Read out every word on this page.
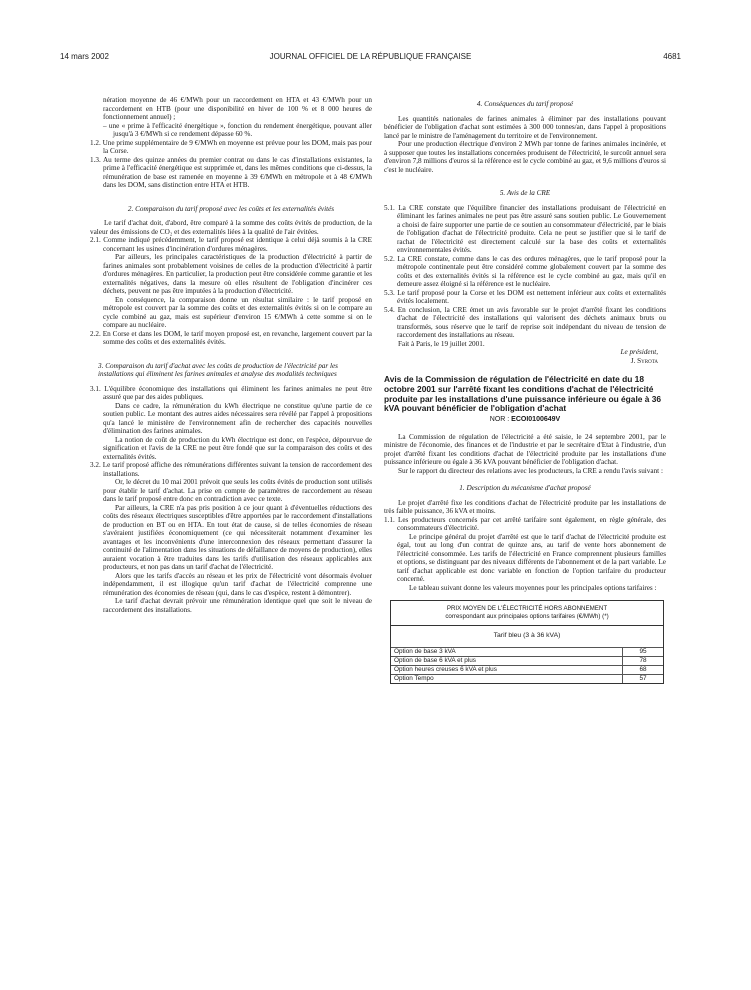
14 mars 2002	JOURNAL OFFICIEL DE LA RÉPUBLIQUE FRANÇAISE	4681

nération moyenne de 46 €/MWh pour un raccordement en HTA et 43 €/MWh pour un raccordement en HTB (pour une disponibilité en hiver de 100 % et 8 000 heures de fonctionnement annuel) ;

– une « prime à l'efficacité énergétique », fonction du rendement énergétique, pouvant aller jusqu'à 3 €/MWh si ce rendement dépasse 60 %.

1.2. Une prime supplémentaire de 9 €/MWh en moyenne est prévue pour les DOM, mais pas pour la Corse.

1.3. Au terme des quinze années du premier contrat ou dans le cas d'installations existantes, la prime à l'efficacité énergétique est supprimée et, dans les mêmes conditions que ci-dessus, la rémunération de base est ramenée en moyenne à 39 €/MWh en métropole et à 48 €/MWh dans les DOM, sans distinction entre HTA et HTB.

2. Comparaison du tarif proposé avec les coûts et les externalités évités

Le tarif d'achat doit, d'abord, être comparé à la somme des coûts évités de production, de la valeur des émissions de CO₂ et des externalités liées à la qualité de l'air évitées.

2.1. Comme indiqué précédemment, le tarif proposé est identique à celui déjà soumis à la CRE concernant les usines d'incinération d'ordures ménagères.

Par ailleurs, les principales caractéristiques de la production d'électricité à partir de farines animales sont probablement voisines de celles de la production d'électricité à partir d'ordures ménagères. En particulier, la production peut être considérée comme garantie et les externalités négatives, dans la mesure où elles résultent de l'obligation d'incinérer ces déchets, peuvent ne pas être imputées à la production d'électricité.

En conséquence, la comparaison donne un résultat similaire : le tarif proposé en métropole est couvert par la somme des coûts et des externalités évités si on le compare au cycle combiné au gaz, mais est supérieur d'environ 15 €/MWh à cette somme si on le compare au nucléaire.

2.2. En Corse et dans les DOM, le tarif moyen proposé est, en revanche, largement couvert par la somme des coûts et des externalités évités.

3. Comparaison du tarif d'achat avec les coûts de production de l'électricité par les installations qui éliminent les farines animales et analyse des modalités techniques

3.1. L'équilibre économique des installations qui éliminent les farines animales ne peut être assuré que par des aides publiques.

Dans ce cadre, la rémunération du kWh électrique ne constitue qu'une partie de ce soutien public. Le montant des autres aides nécessaires sera révélé par l'appel à propositions qu'a lancé le ministère de l'environnement afin de rechercher des capacités nouvelles d'élimination des farines animales.

La notion de coût de production du kWh électrique est donc, en l'espèce, dépourvue de signification et l'avis de la CRE ne peut être fondé que sur la comparaison des coûts et des externalités évités.

3.2. Le tarif proposé affiche des rémunérations différentes suivant la tension de raccordement des installations.

Or, le décret du 10 mai 2001 prévoit que seuls les coûts évités de production sont utilisés pour établir le tarif d'achat. La prise en compte de paramètres de raccordement au réseau dans le tarif proposé entre donc en contradiction avec ce texte.

Par ailleurs, la CRE n'a pas pris position à ce jour quant à d'éventuelles réductions des coûts des réseaux électriques susceptibles d'être apportées par le raccordement d'installations de production en BT ou en HTA. En tout état de cause, si de telles économies de réseau s'avéraient justifiées économiquement (ce qui nécessiterait notamment d'examiner les avantages et les inconvénients d'une interconnexion des réseaux permettant d'assurer la continuité de l'alimentation dans les situations de défaillance de moyens de production), elles auraient vocation à être traduites dans les tarifs d'utilisation des réseaux applicables aux producteurs, et non pas dans un tarif d'achat de l'électricité.

Alors que les tarifs d'accès au réseau et les prix de l'électricité vont désormais évoluer indépendamment, il est illogique qu'un tarif d'achat de l'électricité comprenne une rémunération des économies de réseau (qui, dans le cas d'espèce, restent à démontrer).

Le tarif d'achat devrait prévoir une rémunération identique quel que soit le niveau de raccordement des installations.

4. Conséquences du tarif proposé

Les quantités nationales de farines animales à éliminer par des installations pouvant bénéficier de l'obligation d'achat sont estimées à 300 000 tonnes/an, dans l'appel à propositions lancé par le ministre de l'aménagement du territoire et de l'environnement.

Pour une production électrique d'environ 2 MWh par tonne de farines animales incinérée, et à supposer que toutes les installations concernées produisent de l'électricité, le surcoût annuel sera d'environ 7,8 millions d'euros si la référence est le cycle combiné au gaz, et 9,6 millions d'euros si c'est le nucléaire.

5. Avis de la CRE

5.1. La CRE constate que l'équilibre financier des installations produisant de l'électricité en éliminant les farines animales ne peut pas être assuré sans soutien public. Le Gouvernement a choisi de faire supporter une partie de ce soutien au consommateur d'électricité, par le biais de l'obligation d'achat de l'électricité produite. Cela ne peut se justifier que si le tarif de rachat de l'électricité est directement calculé sur la base des coûts et externalités environnementales évités.

5.2. La CRE constate, comme dans le cas des ordures ménagères, que le tarif proposé pour la métropole continentale peut être considéré comme globalement couvert par la somme des coûts et des externalités évités si la référence est le cycle combiné au gaz, mais qu'il en demeure assez éloigné si la référence est le nucléaire.

5.3. Le tarif proposé pour la Corse et les DOM est nettement inférieur aux coûts et externalités évités localement.

5.4. En conclusion, la CRE émet un avis favorable sur le projet d'arrêté fixant les conditions d'achat de l'électricité des installations qui valorisent des déchets animaux bruts ou transformés, sous réserve que le tarif de reprise soit indépendant du niveau de tension de raccordement des installations au réseau.

Fait à Paris, le 19 juillet 2001.

Le président,

J. Syrota

Avis de la Commission de régulation de l'électricité en date du 18 octobre 2001 sur l'arrêté fixant les conditions d'achat de l'électricité produite par les installations d'une puissance inférieure ou égale à 36 kVA pouvant bénéficier de l'obligation d'achat

NOR : ECOI0100649V

La Commission de régulation de l'électricité a été saisie, le 24 septembre 2001, par le ministre de l'économie, des finances et de l'industrie et par le secrétaire d'Etat à l'industrie, d'un projet d'arrêté fixant les conditions d'achat de l'électricité produite par les installations d'une puissance inférieure ou égale à 36 kVA pouvant bénéficier de l'obligation d'achat.

Sur le rapport du directeur des relations avec les producteurs, la CRE a rendu l'avis suivant :

1. Description du mécanisme d'achat proposé

Le projet d'arrêté fixe les conditions d'achat de l'électricité produite par les installations de très faible puissance, 36 kVA et moins.

1.1. Les producteurs concernés par cet arrêté tarifaire sont également, en règle générale, des consommateurs d'électricité.

Le principe général du projet d'arrêté est que le tarif d'achat de l'électricité produite est égal, tout au long d'un contrat de quinze ans, au tarif de vente hors abonnement de l'électricité consommée. Les tarifs de l'électricité en France comprennent plusieurs familles et options, se distinguant par des niveaux différents de l'abonnement et de la part variable. Le tarif d'achat applicable est donc variable en fonction de l'option tarifaire du producteur concerné.

Le tableau suivant donne les valeurs moyennes pour les principales options tarifaires :

PRIX MOYEN DE L'ÉLECTRICITÉ HORS ABONNEMENT
correspondant aux principales options tarifaires (€/MWh) (*)
Tarif bleu (3 à 36 kVA)
Option de base 3 kVA	95
Option de base 6 kVA et plus	78
Option heures creuses 6 kVA et plus	68
Option Tempo	57
